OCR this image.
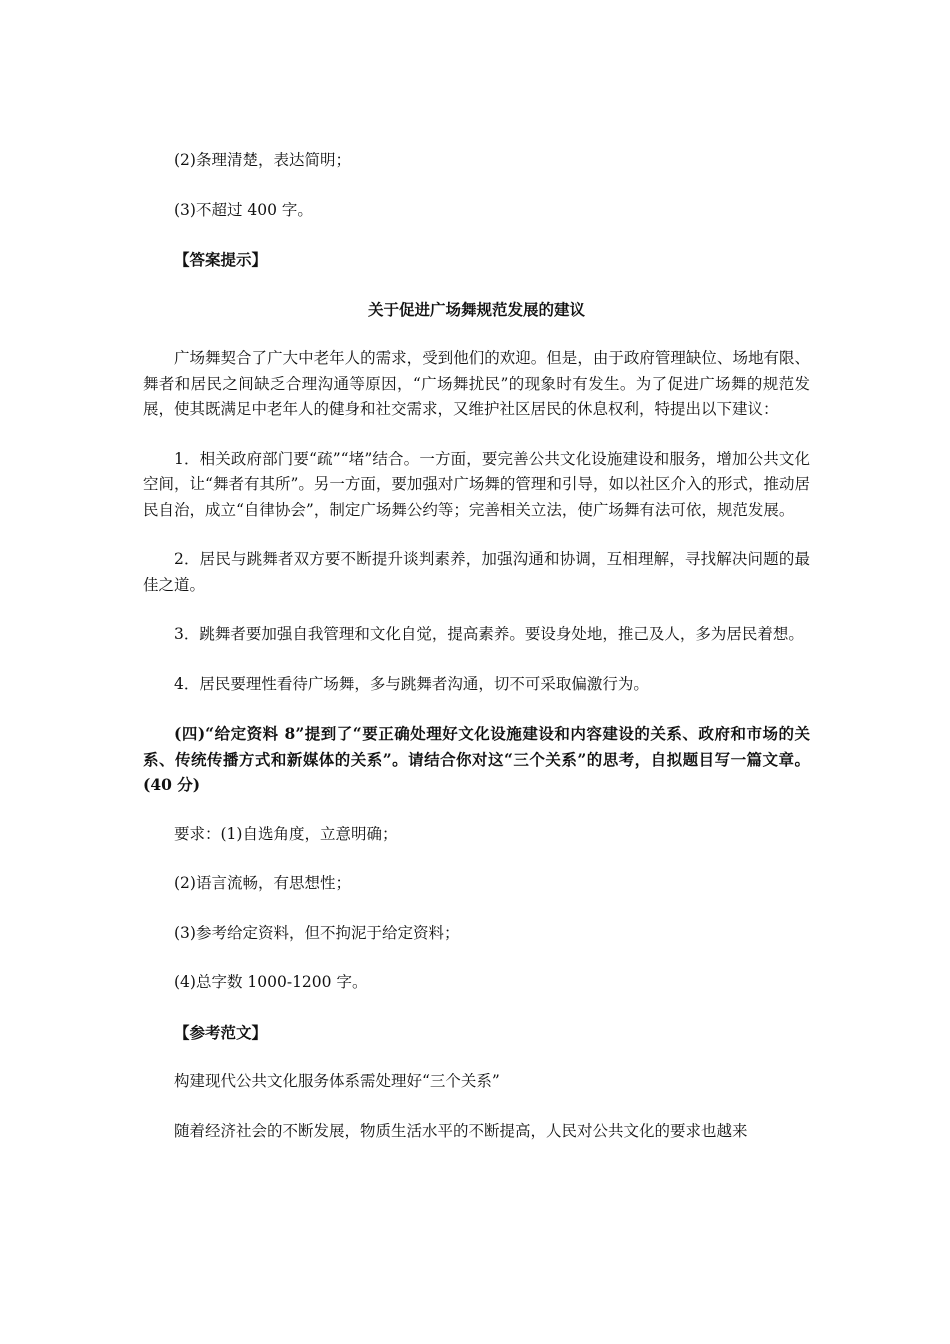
(2)条理清楚，表达简明；

(3)不超过 400 字。

【答案提示】

关于促进广场舞规范发展的建议

广场舞契合了广大中老年人的需求，受到他们的欢迎。但是，由于政府管理缺位、场地有限、舞者和居民之间缺乏合理沟通等原因，“广场舞扰民”的现象时有发生。为了促进广场舞的规范发展，使其既满足中老年人的健身和社交需求，又维护社区居民的休息权利，特提出以下建议：

1．相关政府部门要“疏”“堵”结合。一方面，要完善公共文化设施建设和服务，增加公共文化空间，让“舞者有其所”。另一方面，要加强对广场舞的管理和引导，如以社区介入的形式，推动居民自治，成立“自律协会”，制定广场舞公约等；完善相关立法，使广场舞有法可依，规范发展。

2．居民与跳舞者双方要不断提升谈判素养，加强沟通和协调，互相理解，寻找解决问题的最佳之道。

3．跳舞者要加强自我管理和文化自觉，提高素养。要设身处地，推己及人，多为居民着想。

4．居民要理性看待广场舞，多与跳舞者沟通，切不可采取偏激行为。

(四)“给定资料 8”提到了“要正确处理好文化设施建设和内容建设的关系、政府和市场的关系、传统传播方式和新媒体的关系”。请结合你对这“三个关系”的思考，自拟题目写一篇文章。(40 分)

要求：(1)自选角度，立意明确；

(2)语言流畅，有思想性；

(3)参考给定资料，但不拘泥于给定资料；

(4)总字数 1000-1200 字。

【参考范文】

构建现代公共文化服务体系需处理好“三个关系”

随着经济社会的不断发展，物质生活水平的不断提高，人民对公共文化的要求也越来
